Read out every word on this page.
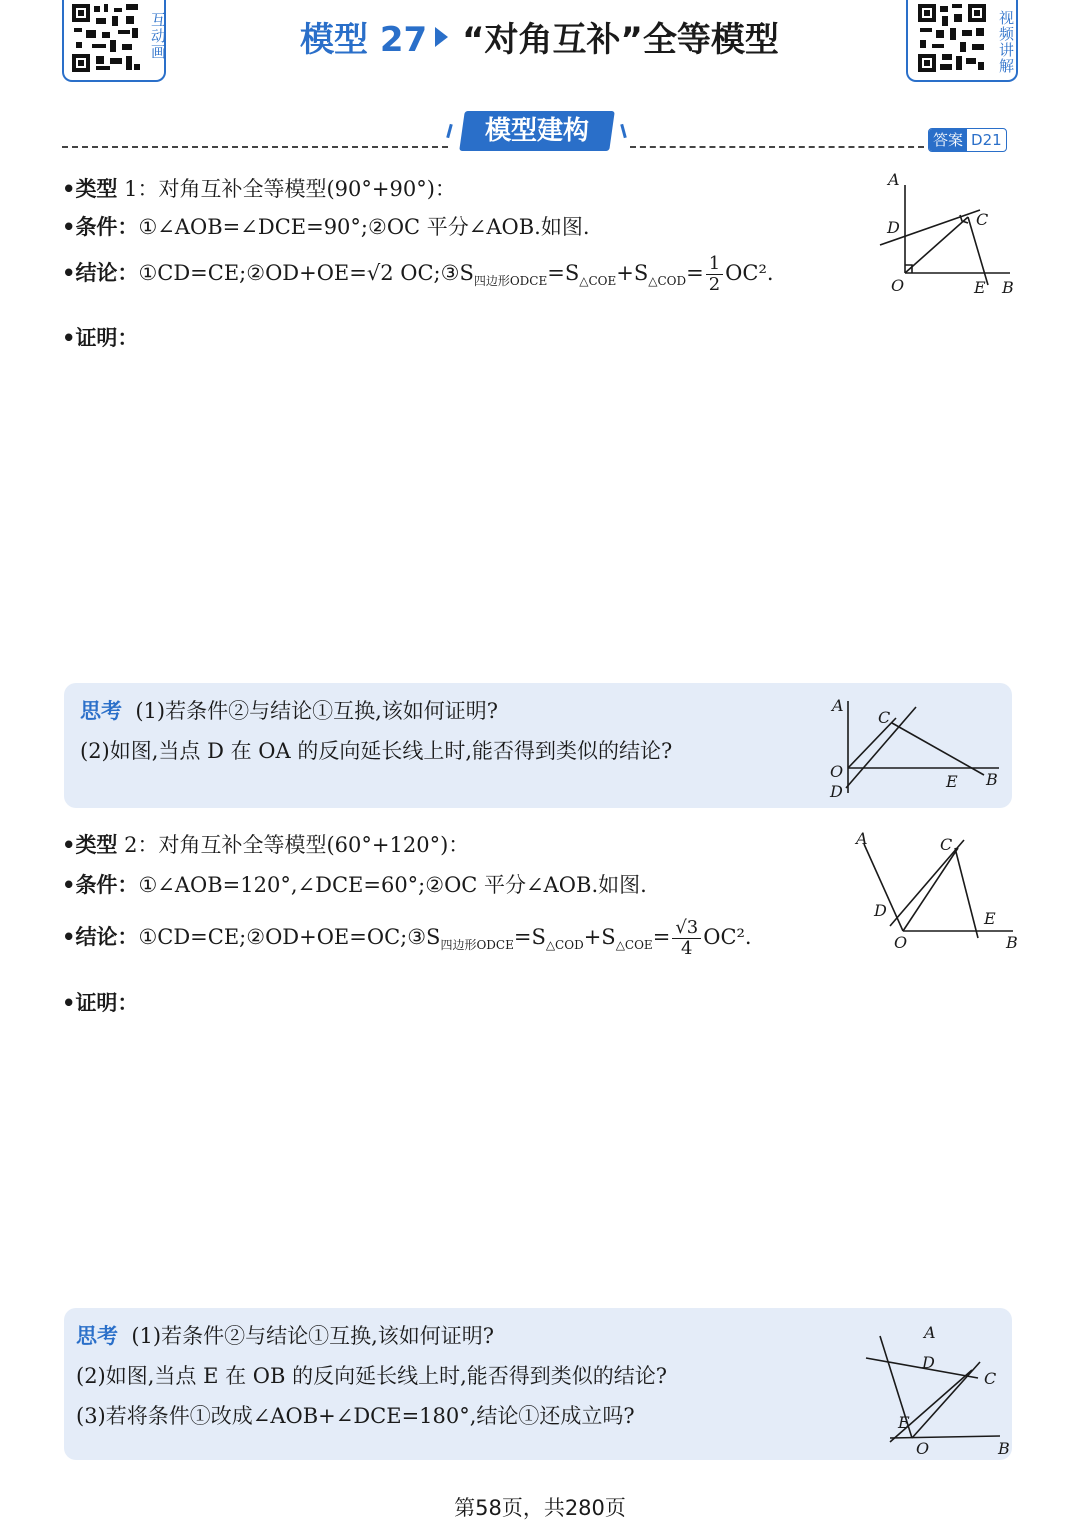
互动画	视频讲解
模型 27 “对角互补”全等模型
模型建构	答案 D21
•类型 1：对角互补全等模型(90°+90°)：
•条件：①∠AOB=∠DCE=90°;②OC 平分∠AOB.如图.
•结论：①CD=CE;②OD+OE=√2 $OC;③S_{四边形ODCE}=S_{\triangle COE}+S_{\triangle COD}= \frac{1}{2} OC^2$.
•证明：
A
D	C
O	E B
思考 (1)若条件②与结论①互换,该如何证明?
(2)如图,当点 D 在 OA 的反向延长线上时,能否得到类似的结论?
A
C
O
D
E B
•类型 2：对角互补全等模型(60°+120°)：
•条件：①∠AOB=120°,∠DCE=60°;②OC 平分∠AOB.如图.
•结论：$①CD=CE;②OD+OE=OC;③S_{四边形ODCE}=S_{\triangle COD}+S_{\triangle COE}= \frac{√3}{4} OC^2$.
•证明：
A	C
D	E
O	B
思考 (1)若条件②与结论①互换,该如何证明?
(2)如图,当点 E 在 OB 的反向延长线上时,能否得到类似的结论?
(3)若将条件①改成∠AOB+∠DCE=180°,结论①还成立吗?
A
D
C
E
O	B
第58页，共280页
